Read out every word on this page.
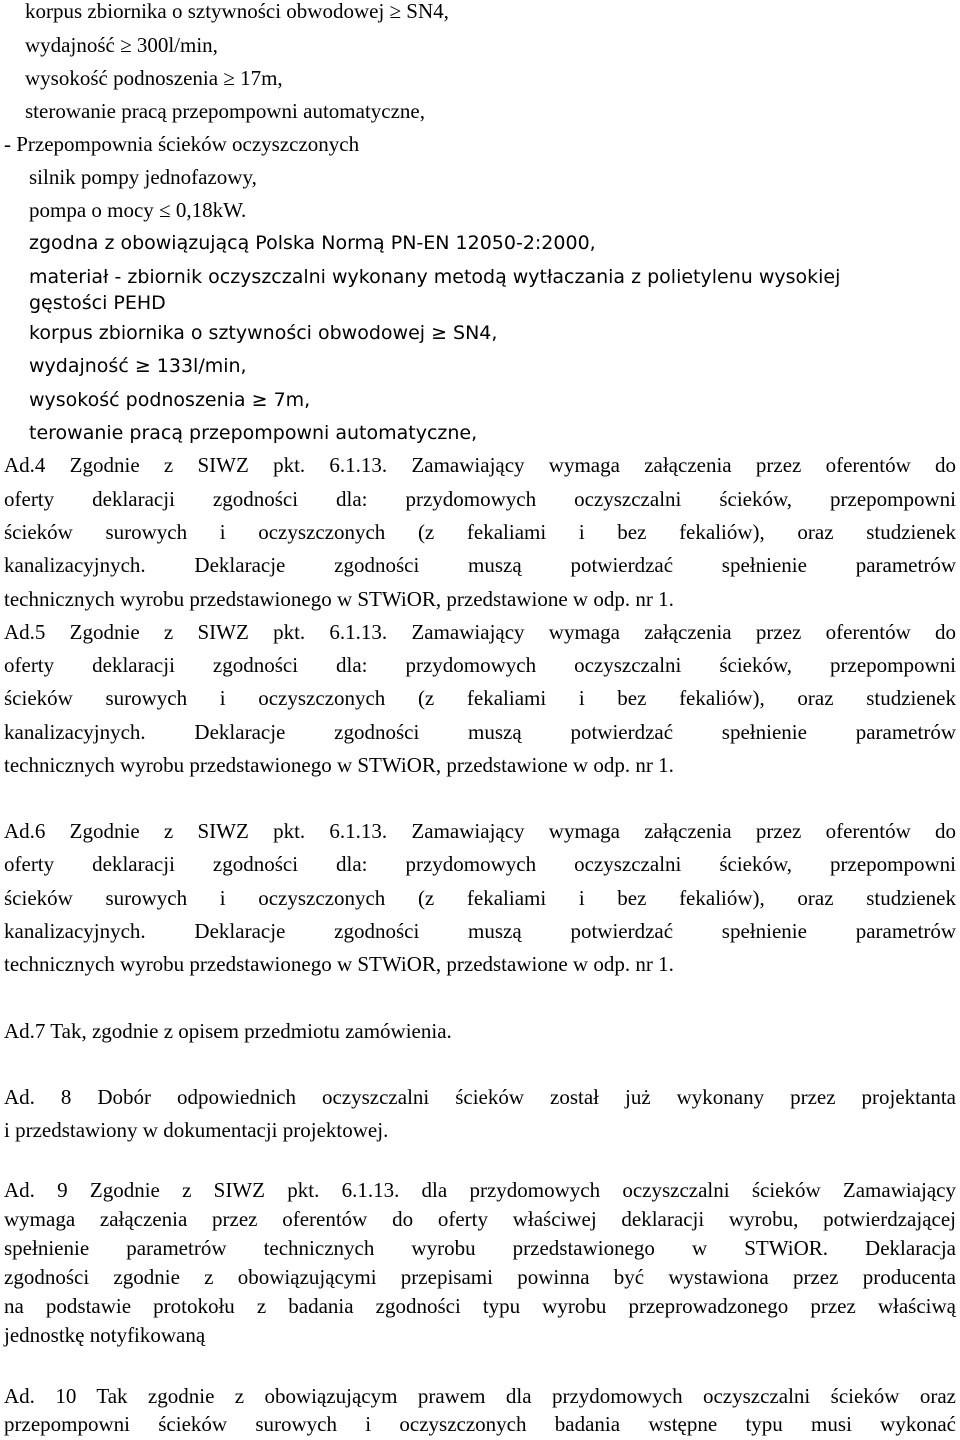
korpus zbiornika o sztywności obwodowej ≥ SN4,
wydajność ≥ 300l/min,
wysokość podnoszenia ≥ 17m,
sterowanie pracą przepompowni automatyczne,
- Przepompownia ścieków oczyszczonych
silnik pompy jednofazowy,
pompa o mocy ≤ 0,18kW.
zgodna z obowiązującą Polska Normą PN-EN 12050-2:2000,
materiał - zbiornik oczyszczalni wykonany metodą wytłaczania z polietylenu wysokiej
gęstości PEHD
korpus zbiornika o sztywności obwodowej ≥ SN4,
wydajność ≥ 133l/min,
wysokość podnoszenia ≥ 7m,
terowanie pracą przepompowni automatyczne,
Ad.4 Zgodnie z SIWZ pkt. 6.1.13. Zamawiający wymaga załączenia przez oferentów do
oferty deklaracji zgodności dla: przydomowych oczyszczalni ścieków, przepompowni
ścieków surowych i oczyszczonych (z fekaliami i bez fekaliów), oraz studzienek
kanalizacyjnych. Deklaracje zgodności muszą potwierdzać spełnienie parametrów
technicznych wyrobu przedstawionego w STWiOR, przedstawione w odp. nr 1.
Ad.5 Zgodnie z SIWZ pkt. 6.1.13. Zamawiający wymaga załączenia przez oferentów do
oferty deklaracji zgodności dla: przydomowych oczyszczalni ścieków, przepompowni
ścieków surowych i oczyszczonych (z fekaliami i bez fekaliów), oraz studzienek
kanalizacyjnych. Deklaracje zgodności muszą potwierdzać spełnienie parametrów
technicznych wyrobu przedstawionego w STWiOR, przedstawione w odp. nr 1.
Ad.6 Zgodnie z SIWZ pkt. 6.1.13. Zamawiający wymaga załączenia przez oferentów do
oferty deklaracji zgodności dla: przydomowych oczyszczalni ścieków, przepompowni
ścieków surowych i oczyszczonych (z fekaliami i bez fekaliów), oraz studzienek
kanalizacyjnych. Deklaracje zgodności muszą potwierdzać spełnienie parametrów
technicznych wyrobu przedstawionego w STWiOR, przedstawione w odp. nr 1.
Ad.7 Tak, zgodnie z opisem przedmiotu zamówienia.
Ad. 8 Dobór odpowiednich oczyszczalni ścieków został już wykonany przez projektanta
i przedstawiony w dokumentacji projektowej.
Ad. 9 Zgodnie z SIWZ pkt. 6.1.13. dla przydomowych oczyszczalni ścieków Zamawiający
wymaga załączenia przez oferentów do oferty właściwej deklaracji wyrobu, potwierdzającej
spełnienie parametrów technicznych wyrobu przedstawionego w STWiOR. Deklaracja
zgodności zgodnie z obowiązującymi przepisami powinna być wystawiona przez producenta
na podstawie protokołu z badania zgodności typu wyrobu przeprowadzonego przez właściwą
jednostkę notyfikowaną
Ad. 10 Tak zgodnie z obowiązującym prawem dla przydomowych oczyszczalni ścieków oraz
przepompowni ścieków surowych i oczyszczonych badania wstępne typu musi wykonać
